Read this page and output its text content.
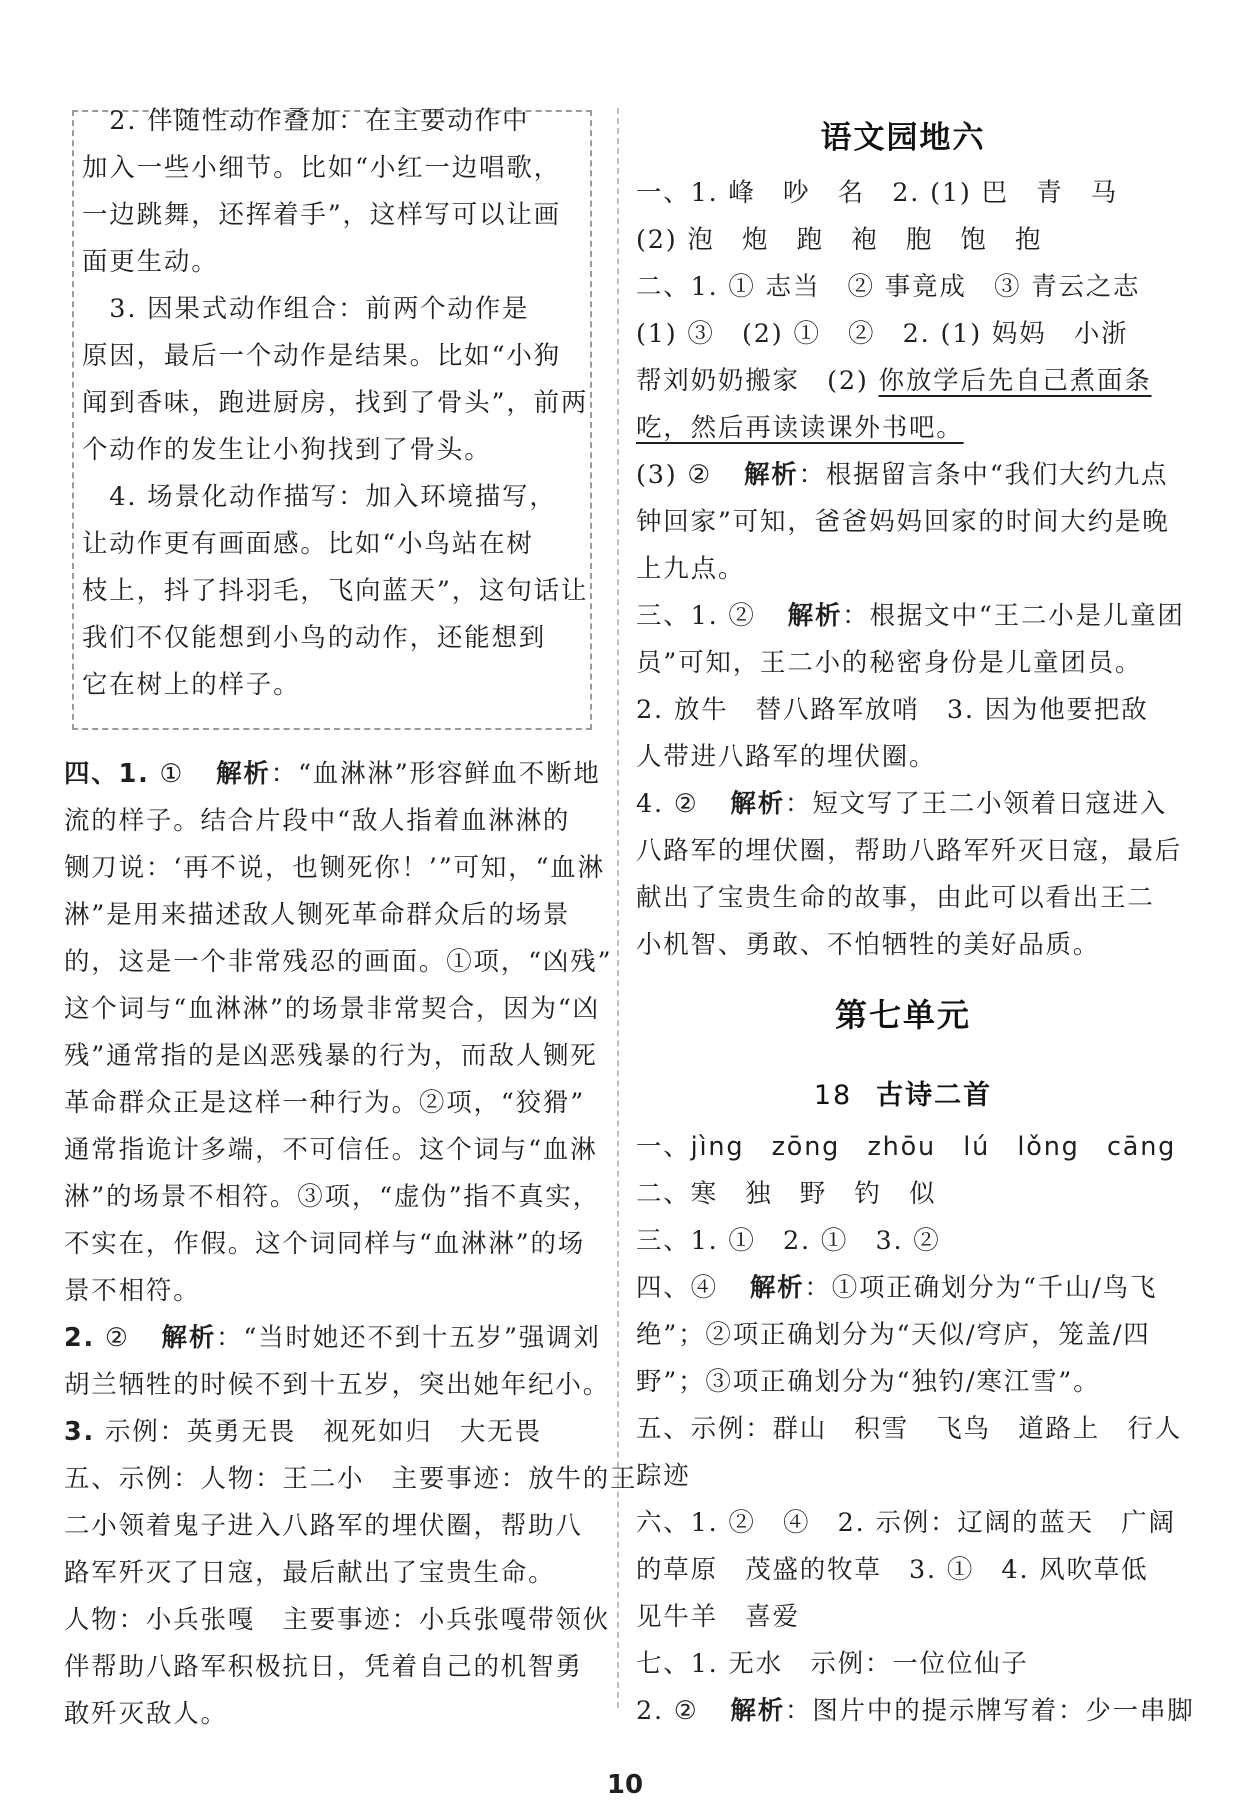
　2. 伴随性动作叠加：在主要动作中
加入一些小细节。比如“小红一边唱歌，
一边跳舞，还挥着手”，这样写可以让画
面更生动。
　3. 因果式动作组合：前两个动作是
原因，最后一个动作是结果。比如“小狗
闻到香味，跑进厨房，找到了骨头”，前两
个动作的发生让小狗找到了骨头。
　4. 场景化动作描写：加入环境描写，
让动作更有画面感。比如“小鸟站在树
枝上，抖了抖羽毛，飞向蓝天”，这句话让
我们不仅能想到小鸟的动作，还能想到
它在树上的样子。
四、1. ① 解析：“血淋淋”形容鲜血不断地
流的样子。结合片段中“敌人指着血淋淋的
铡刀说：‘再不说，也铡死你！’”可知，“血淋
淋”是用来描述敌人铡死革命群众后的场景
的，这是一个非常残忍的画面。①项，“凶残”
这个词与“血淋淋”的场景非常契合，因为“凶
残”通常指的是凶恶残暴的行为，而敌人铡死
革命群众正是这样一种行为。②项，“狡猾”
通常指诡计多端，不可信任。这个词与“血淋
淋”的场景不相符。③项，“虚伪”指不真实，
不实在，作假。这个词同样与“血淋淋”的场
景不相符。
2. ② 解析：“当时她还不到十五岁”强调刘
胡兰牺牲的时候不到十五岁，突出她年纪小。
3. 示例：英勇无畏　视死如归　大无畏
五、示例：人物：王二小　主要事迹：放牛的王
二小领着鬼子进入八路军的埋伏圈，帮助八
路军歼灭了日寇，最后献出了宝贵生命。
人物：小兵张嘎　主要事迹：小兵张嘎带领伙
伴帮助八路军积极抗日，凭着自己的机智勇
敢歼灭敌人。
语文园地六
一、1. 峰　吵　名　2. (1) 巴　青　马
(2) 泡　炮　跑　袍　胞　饱　抱
二、1. ① 志当　② 事竟成　③ 青云之志
(1) ③　(2) ①　②　2. (1) 妈妈　小浙
帮刘奶奶搬家　(2) 你放学后先自己煮面条
吃，然后再读读课外书吧。
(3) ② 解析：根据留言条中“我们大约九点
钟回家”可知，爸爸妈妈回家的时间大约是晚
上九点。
三、1. ② 解析：根据文中“王二小是儿童团
员”可知，王二小的秘密身份是儿童团员。
2. 放牛　替八路军放哨　3. 因为他要把敌
人带进八路军的埋伏圈。
4. ② 解析：短文写了王二小领着日寇进入
八路军的埋伏圈，帮助八路军歼灭日寇，最后
献出了宝贵生命的故事，由此可以看出王二
小机智、勇敢、不怕牺牲的美好品质。
第七单元
18 古诗二首
一、jìng　zōng　zhōu　lú　lǒng　cāng
二、寒　独　野　钓　似
三、1. ①　2. ①　3. ②
四、④ 解析：①项正确划分为“千山/鸟飞
绝”；②项正确划分为“天似/穹庐，笼盖/四
野”；③项正确划分为“独钓/寒江雪”。
五、示例：群山　积雪　飞鸟　道路上　行人
踪迹
六、1. ②　④　2. 示例：辽阔的蓝天　广阔
的草原　茂盛的牧草　3. ①　4. 风吹草低
见牛羊　喜爱
七、1. 无水　示例：一位位仙子
2. ② 解析：图片中的提示牌写着：少一串脚
10
